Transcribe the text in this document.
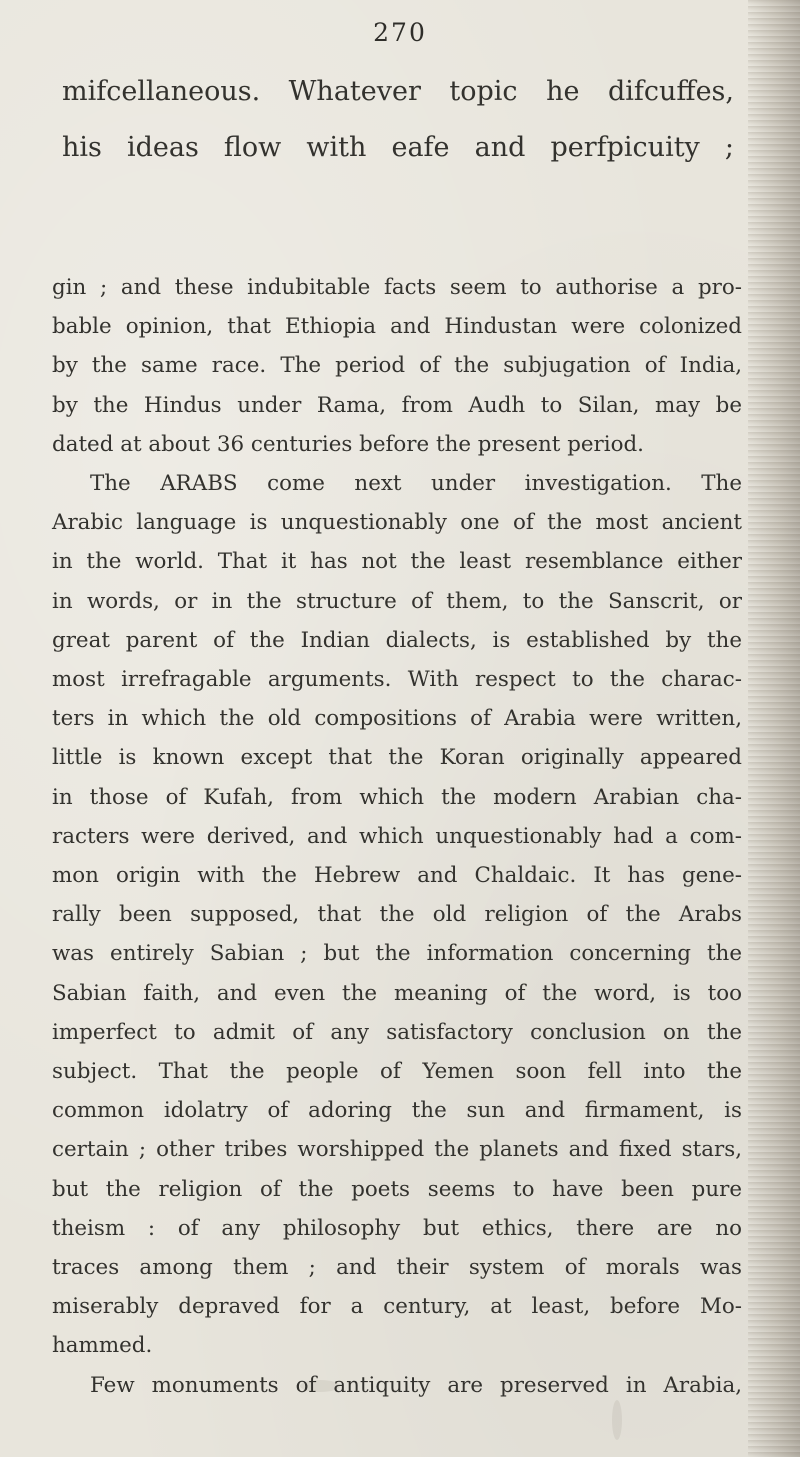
270
mifcellaneous. Whatever topic he difcuffes,
his ideas flow with eafe and perfpicuity ;
gin ; and these indubitable facts seem to authorise a pro-
bable opinion, that Ethiopia and Hindustan were colonized
by the same race. The period of the subjugation of India,
by the Hindus under Rama, from Audh to Silan, may be
dated at about 36 centuries before the present period.
The ARABS come next under investigation. The
Arabic language is unquestionably one of the most ancient
in the world. That it has not the least resemblance either
in words, or in the structure of them, to the Sanscrit, or
great parent of the Indian dialects, is established by the
most irrefragable arguments. With respect to the charac-
ters in which the old compositions of Arabia were written,
little is known except that the Koran originally appeared
in those of Kufah, from which the modern Arabian cha-
racters were derived, and which unquestionably had a com-
mon origin with the Hebrew and Chaldaic. It has gene-
rally been supposed, that the old religion of the Arabs
was entirely Sabian ; but the information concerning the
Sabian faith, and even the meaning of the word, is too
imperfect to admit of any satisfactory conclusion on the
subject. That the people of Yemen soon fell into the
common idolatry of adoring the sun and firmament, is
certain ; other tribes worshipped the planets and fixed stars,
but the religion of the poets seems to have been pure
theism : of any philosophy but ethics, there are no
traces among them ; and their system of morals was
miserably depraved for a century, at least, before Mo-
hammed.
Few monuments of antiquity are preserved in Arabia,
